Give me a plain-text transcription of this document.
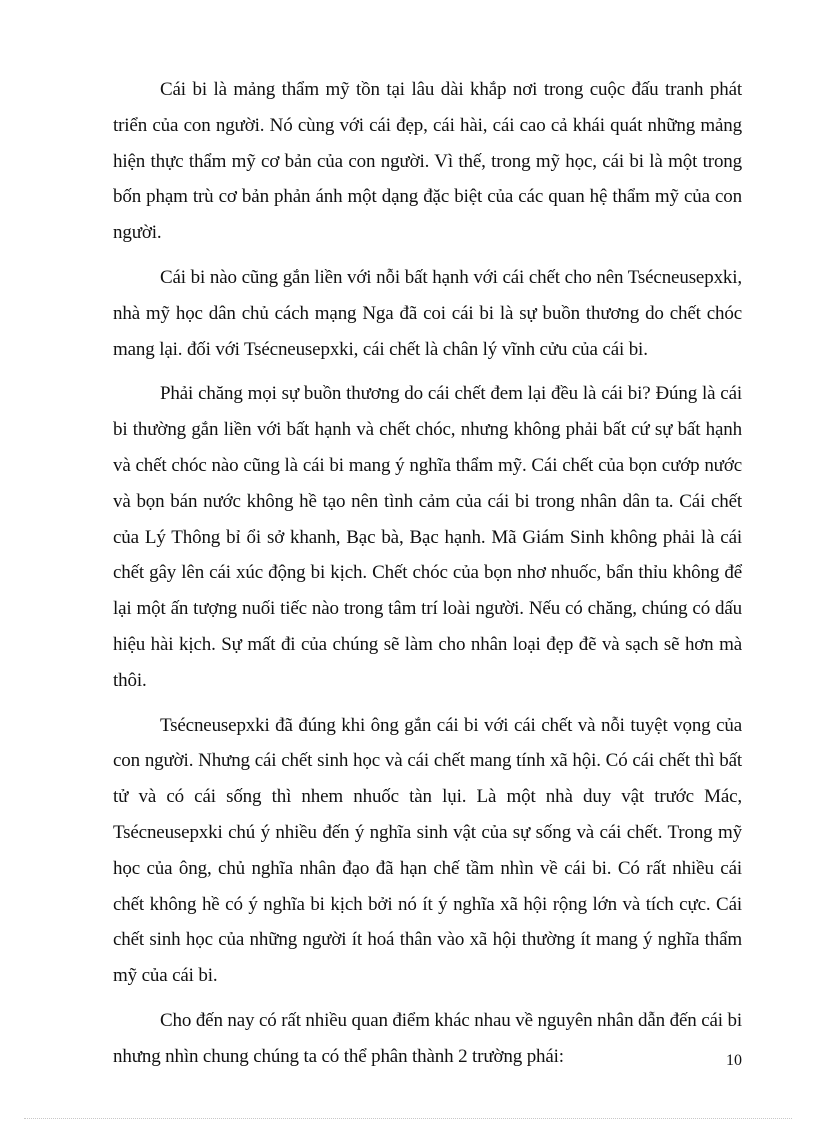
Cái bi là mảng thẩm mỹ tồn tại lâu dài khắp nơi trong cuộc đấu tranh phát triển của con người. Nó cùng với cái đẹp, cái hài, cái cao cả khái quát những mảng hiện thực thẩm mỹ cơ bản của con người. Vì thế, trong mỹ học, cái bi là một trong bốn phạm trù cơ bản phản ánh một dạng đặc biệt của các quan hệ thẩm mỹ của con người.

Cái bi nào cũng gắn liền với nỗi bất hạnh với cái chết cho nên Tsécneusepxki, nhà mỹ học dân chủ cách mạng Nga đã coi cái bi là sự buồn thương do chết chóc mang lại. đối với Tsécneusepxki, cái chết là chân lý vĩnh cửu của cái bi.

Phải chăng mọi sự buồn thương do cái chết đem lại đều là cái bi? Đúng là cái bi thường gắn liền với bất hạnh và chết chóc, nhưng không phải bất cứ sự bất hạnh và chết chóc nào cũng là cái bi mang ý nghĩa thẩm mỹ. Cái chết của bọn cướp nước và bọn bán nước không hề tạo nên tình cảm của cái bi trong nhân dân ta. Cái chết của Lý Thông bỉ ổi sở khanh, Bạc bà, Bạc hạnh. Mã Giám Sinh không phải là cái chết gây lên cái xúc động bi kịch. Chết chóc của bọn nhơ nhuốc, bẩn thỉu không để lại một ấn tượng nuối tiếc nào trong tâm trí loài người. Nếu có chăng, chúng có dấu hiệu hài kịch. Sự mất đi của chúng sẽ làm cho nhân loại đẹp đẽ và sạch sẽ hơn mà thôi.

Tsécneusepxki đã đúng khi ông gắn cái bi với cái chết và nỗi tuyệt vọng của con người. Nhưng cái chết sinh học và cái chết mang tính xã hội. Có cái chết thì bất tử và có cái sống thì nhem nhuốc tàn lụi. Là một nhà duy vật trước Mác, Tsécneusepxki chú ý nhiều đến ý nghĩa sinh vật của sự sống và cái chết. Trong mỹ học của ông, chủ nghĩa nhân đạo đã hạn chế tầm nhìn về cái bi. Có rất nhiều cái chết không hề có ý nghĩa bi kịch bởi nó ít ý nghĩa xã hội rộng lớn và tích cực. Cái chết sinh học của những người ít hoá thân vào xã hội thường ít mang ý nghĩa thẩm mỹ của cái bi.

Cho đến nay có rất nhiều quan điểm khác nhau về nguyên nhân dẫn đến cái bi nhưng nhìn chung chúng ta có thể phân thành 2 trường phái:	10
